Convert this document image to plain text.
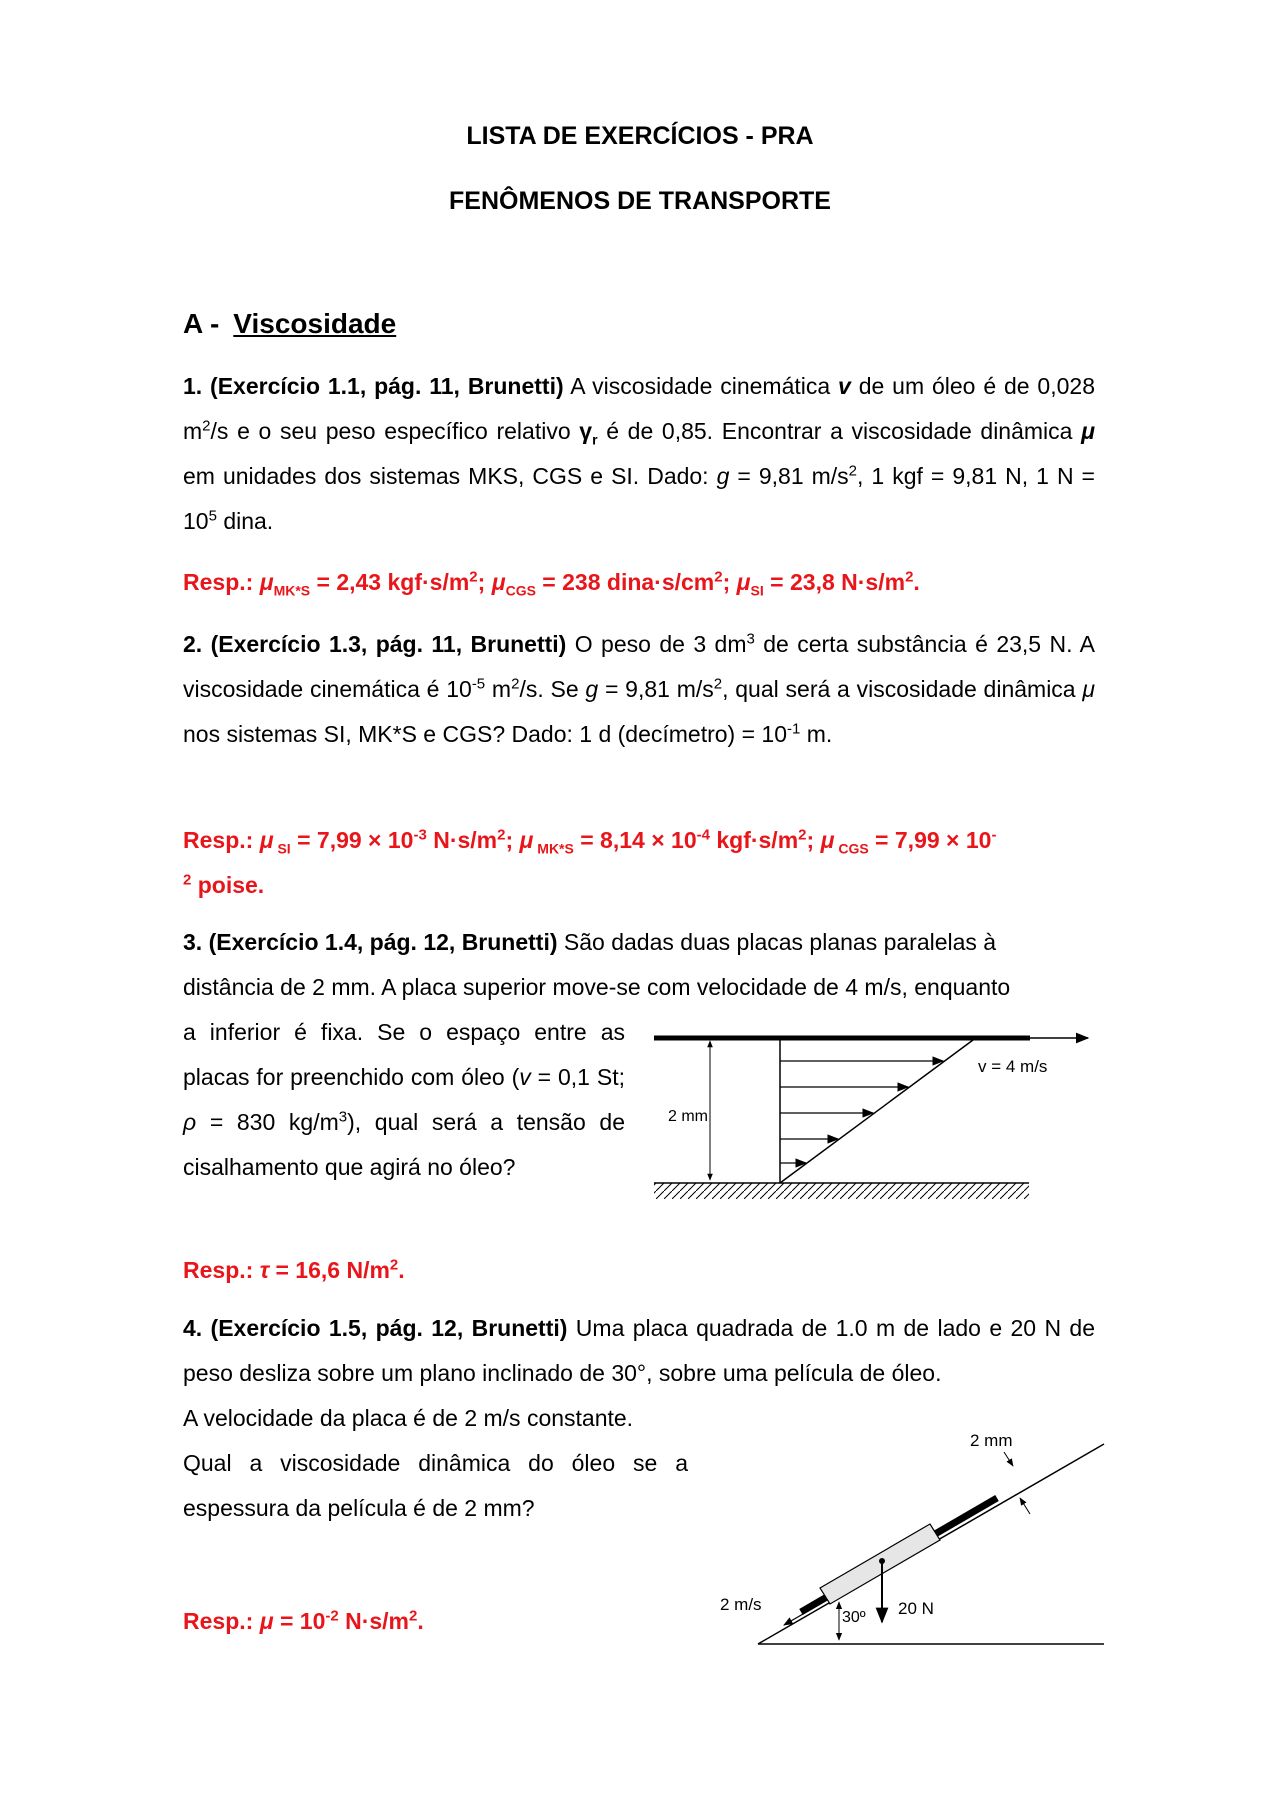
LISTA DE EXERCÍCIOS - PRA
FENÔMENOS DE TRANSPORTE
A - Viscosidade
1. (Exercício 1.1, pág. 11, Brunetti) A viscosidade cinemática v de um óleo é de 0,028 $m^2/s$ e o seu peso específico relativo $\gamma_r$ é de 0,85. Encontrar a viscosidade dinâmica μ em unidades dos sistemas MKS, CGS e SI. Dado: g = 9,81 $m/s^2$, 1 kgf = 9,81 N, 1 $N = 10^5$ dina.
Resp.: $\mu_{MK*S} = 2,43$ $kgf\cdot s/m^2$; $\mu_{CGS} = 238$ $dina\cdot s/cm^2$; $\mu_{SI} = 23,8$ $N\cdot s/m^2$.
2. (Exercício 1.3, pág. 11, Brunetti) O peso de 3 $dm^3$ de certa substância é 23,5 N. A viscosidade cinemática é $10^{-5}$ $m^2/s$. Se g = 9,81 $m/s^2$, qual será a viscosidade dinâmica μ nos sistemas SI, MK*S e CGS? Dado: 1 d (decímetro) = $10^{-1}$ m.
Resp.: μ $_{SI} = 7,99 \times 10^{-3}$ $N\cdot s/m^2$; μ $_{MK*S} = 8,14 \times 10^{-4}$ $kgf\cdot s/m^2$; μ $_{CGS}$ = 7,99 × 10-
$^2$ poise.
3. (Exercício 1.4, pág. 12, Brunetti) São dadas duas placas planas paralelas à
distância de 2 mm. A placa superior move-se com velocidade de 4 m/s, enquanto
a inferior é fixa. Se o espaço entre as placas for preenchido com óleo (v = 0,1 St; ρ = 830 $kg/m^3$), qual será a tensão de cisalhamento que agirá no óleo?
Resp.: τ = 16,6 $N/m^2$.
v = 4 m/s
2 mm
4. (Exercício 1.5, pág. 12, Brunetti) Uma placa quadrada de 1.0 m de lado e 20 N de peso desliza sobre um plano inclinado de 30°, sobre uma película de óleo.
A velocidade da placa é de 2 m/s constante.
Qual a viscosidade dinâmica do óleo se a espessura da película é de 2 mm?
Resp.: $\mu = 10^{-2}$ $N\cdot s/m^2$.	20 N
2 m/s
30º
2 mm
